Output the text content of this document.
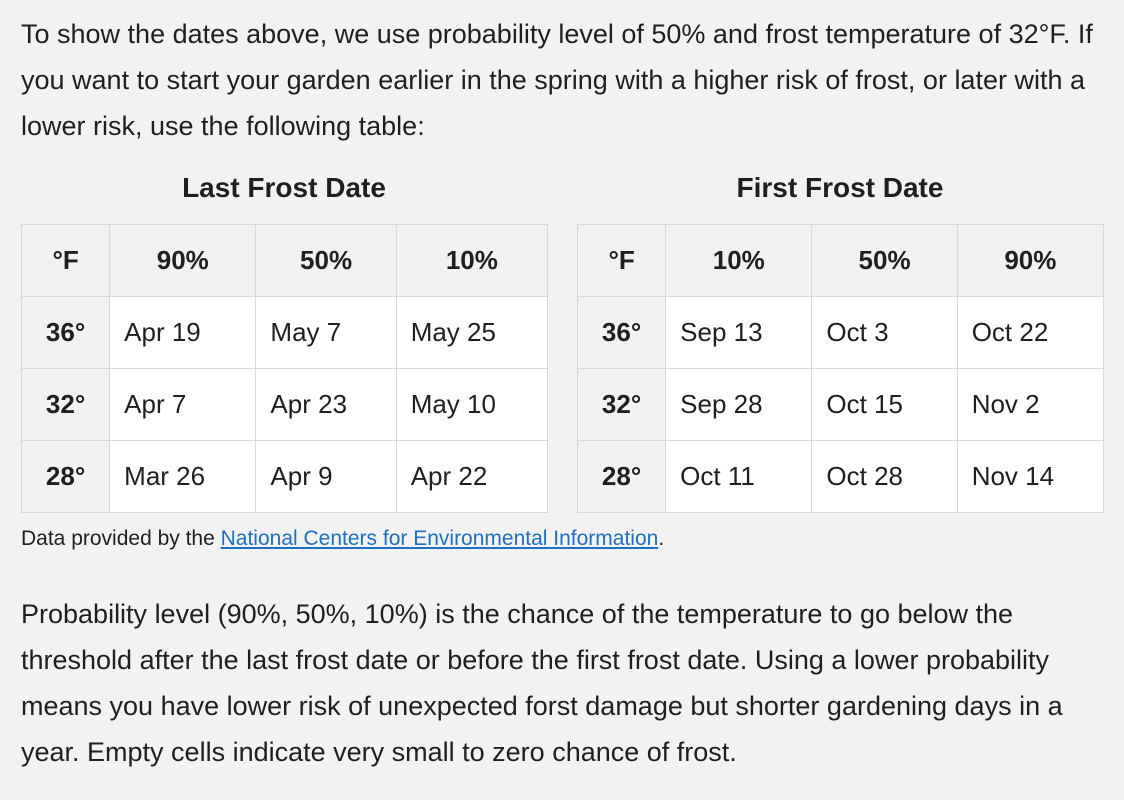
To show the dates above, we use probability level of 50% and frost temperature of 32°F. If you want to start your garden earlier in the spring with a higher risk of frost, or later with a lower risk, use the following table:

Last Frost Date
°F	90%	50%	10%
36°	Apr 19	May 7	May 25
32°	Apr 7	Apr 23	May 10
28°	Mar 26	Apr 9	Apr 22
First Frost Date
°F	10%	50%	90%
36°	Sep 13	Oct 3	Oct 22
32°	Sep 28	Oct 15	Nov 2
28°	Oct 11	Oct 28	Nov 14

Data provided by the National Centers for Environmental Information.

Probability level (90%, 50%, 10%) is the chance of the temperature to go below the threshold after the last frost date or before the first frost date. Using a lower probability means you have lower risk of unexpected forst damage but shorter gardening days in a year. Empty cells indicate very small to zero chance of frost.
